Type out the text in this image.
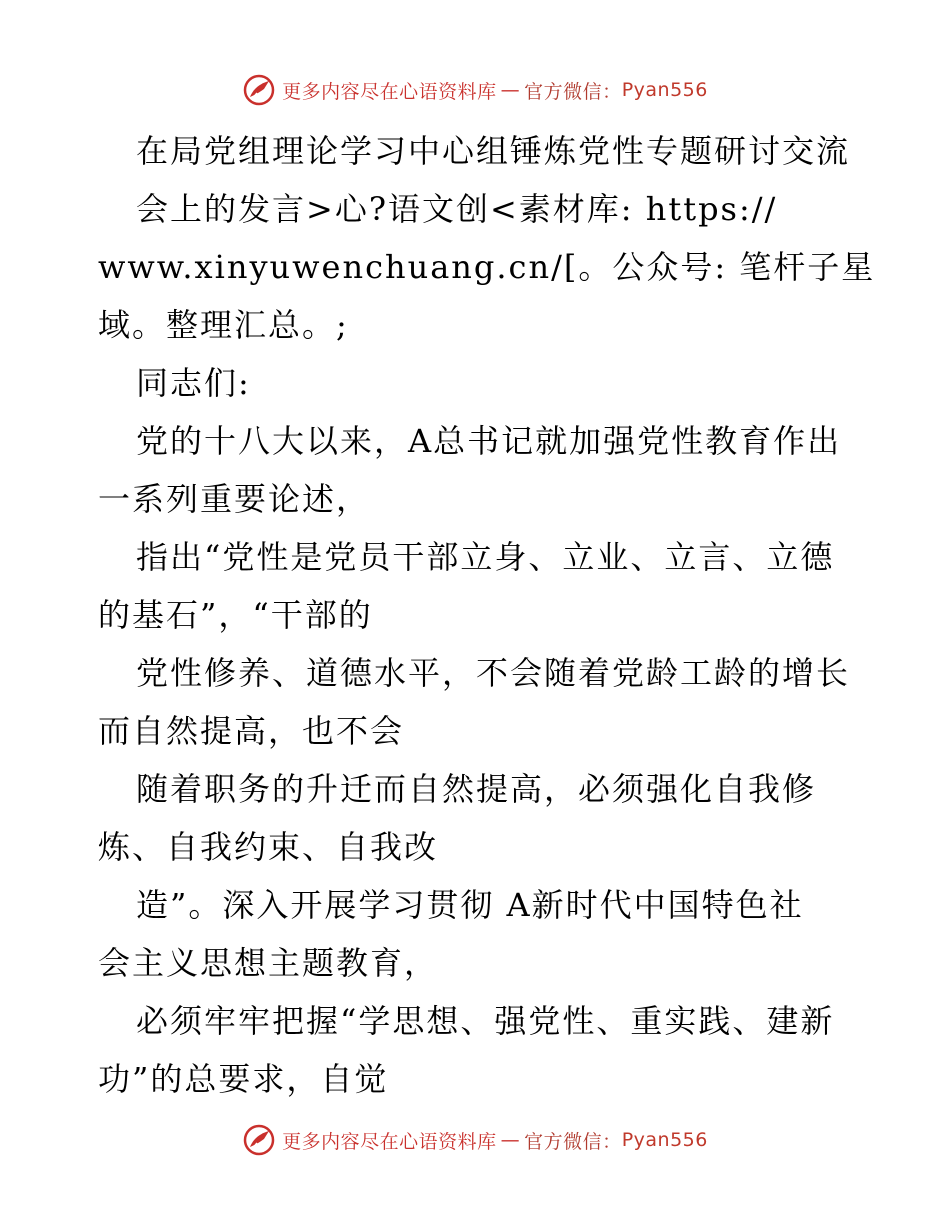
更多内容尽在心语资料库 — 官方微信： Pyan556
在局党组理论学习中心组锤炼党性专题研讨交流
会上的发言>心?语文创<素材库: https://
www.xinyuwenchuang.cn/[。公众号: 笔杆子星
域。整理汇总。;
同志们:
党的十八大以来，A总书记就加强党性教育作出
一系列重要论述，
指出“党性是党员干部立身、立业、立言、立德
的基石”，“干部的
党性修养、道德水平，不会随着党龄工龄的增长
而自然提高，也不会
随着职务的升迁而自然提高，必须强化自我修
炼、自我约束、自我改
造”。深入开展学习贯彻 A新时代中国特色社
会主义思想主题教育，
必须牢牢把握“学思想、强党性、重实践、建新
功”的总要求，自觉
更多内容尽在心语资料库 — 官方微信： Pyan556
